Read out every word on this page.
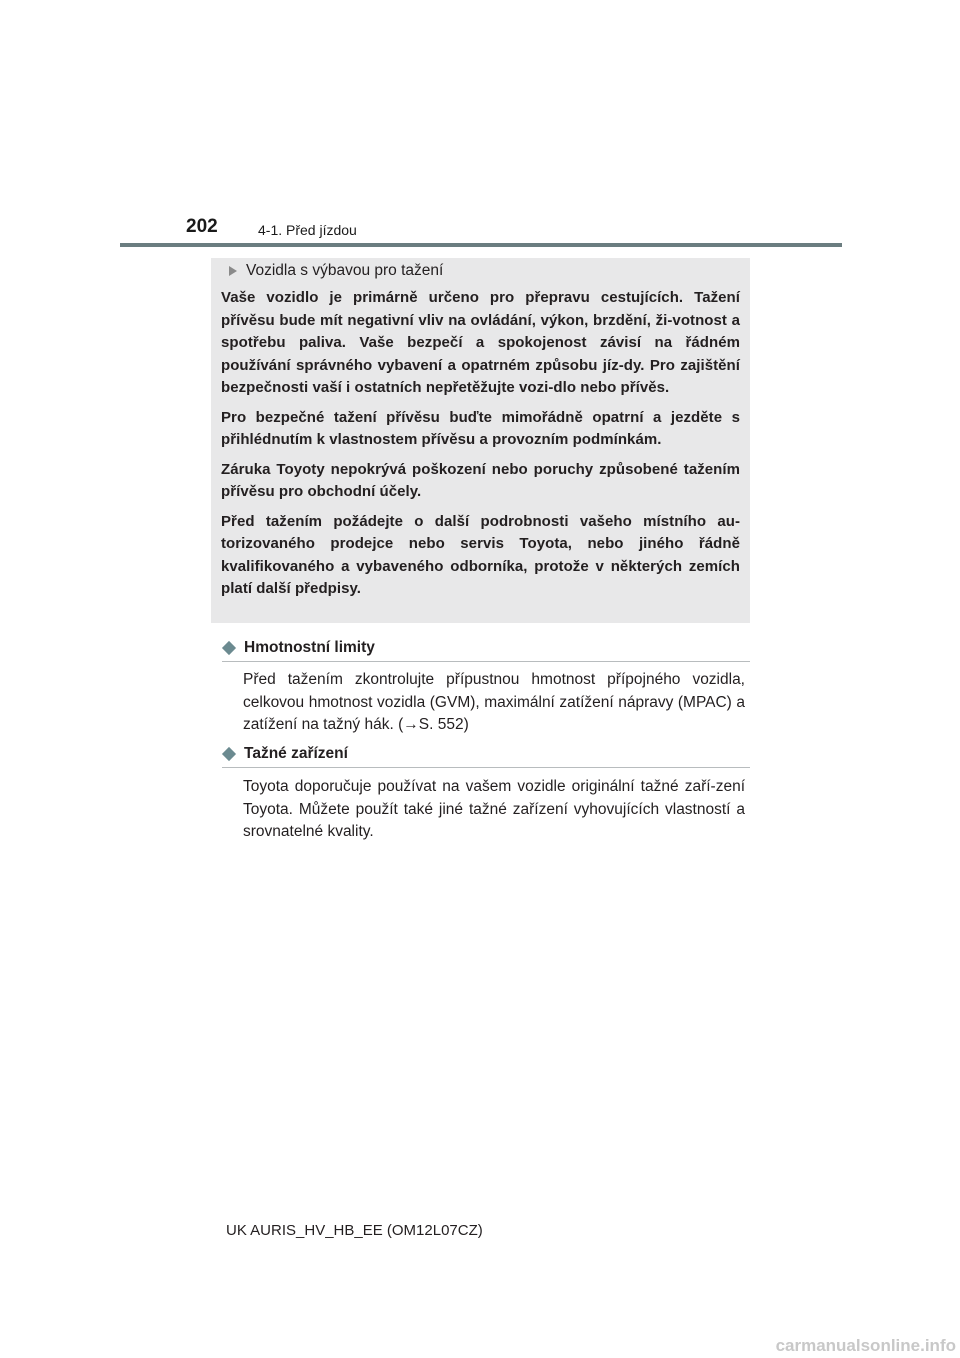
202	4-1. Před jízdou
Vozidla s výbavou pro tažení

Vaše vozidlo je primárně určeno pro přepravu cestujících. Tažení přívěsu bude mít negativní vliv na ovládání, výkon, brzdění, ži-votnost a spotřebu paliva. Vaše bezpečí a spokojenost závisí na řádném používání správného vybavení a opatrném způsobu jíz-dy. Pro zajištění bezpečnosti vaší i ostatních nepřetěžujte vozi-dlo nebo přívěs.

Pro bezpečné tažení přívěsu buďte mimořádně opatrní a jezděte s přihlédnutím k vlastnostem přívěsu a provozním podmínkám.

Záruka Toyoty nepokrývá poškození nebo poruchy způsobené tažením přívěsu pro obchodní účely.

Před tažením požádejte o další podrobnosti vašeho místního au-torizovaného prodejce nebo servis Toyota, nebo jiného řádně kvalifikovaného a vybaveného odborníka, protože v některých zemích platí další předpisy.

Hmotnostní limity

Před tažením zkontrolujte přípustnou hmotnost přípojného vozidla, celkovou hmotnost vozidla (GVM), maximální zatížení nápravy (MPAC) a zatížení na tažný hák. (→S. 552)

Tažné zařízení

Toyota doporučuje používat na vašem vozidle originální tažné zaří-zení Toyota. Můžete použít také jiné tažné zařízení vyhovujících vlastností a srovnatelné kvality.

UK AURIS_HV_HB_EE (OM12L07CZ)
carmanualsonline.info
